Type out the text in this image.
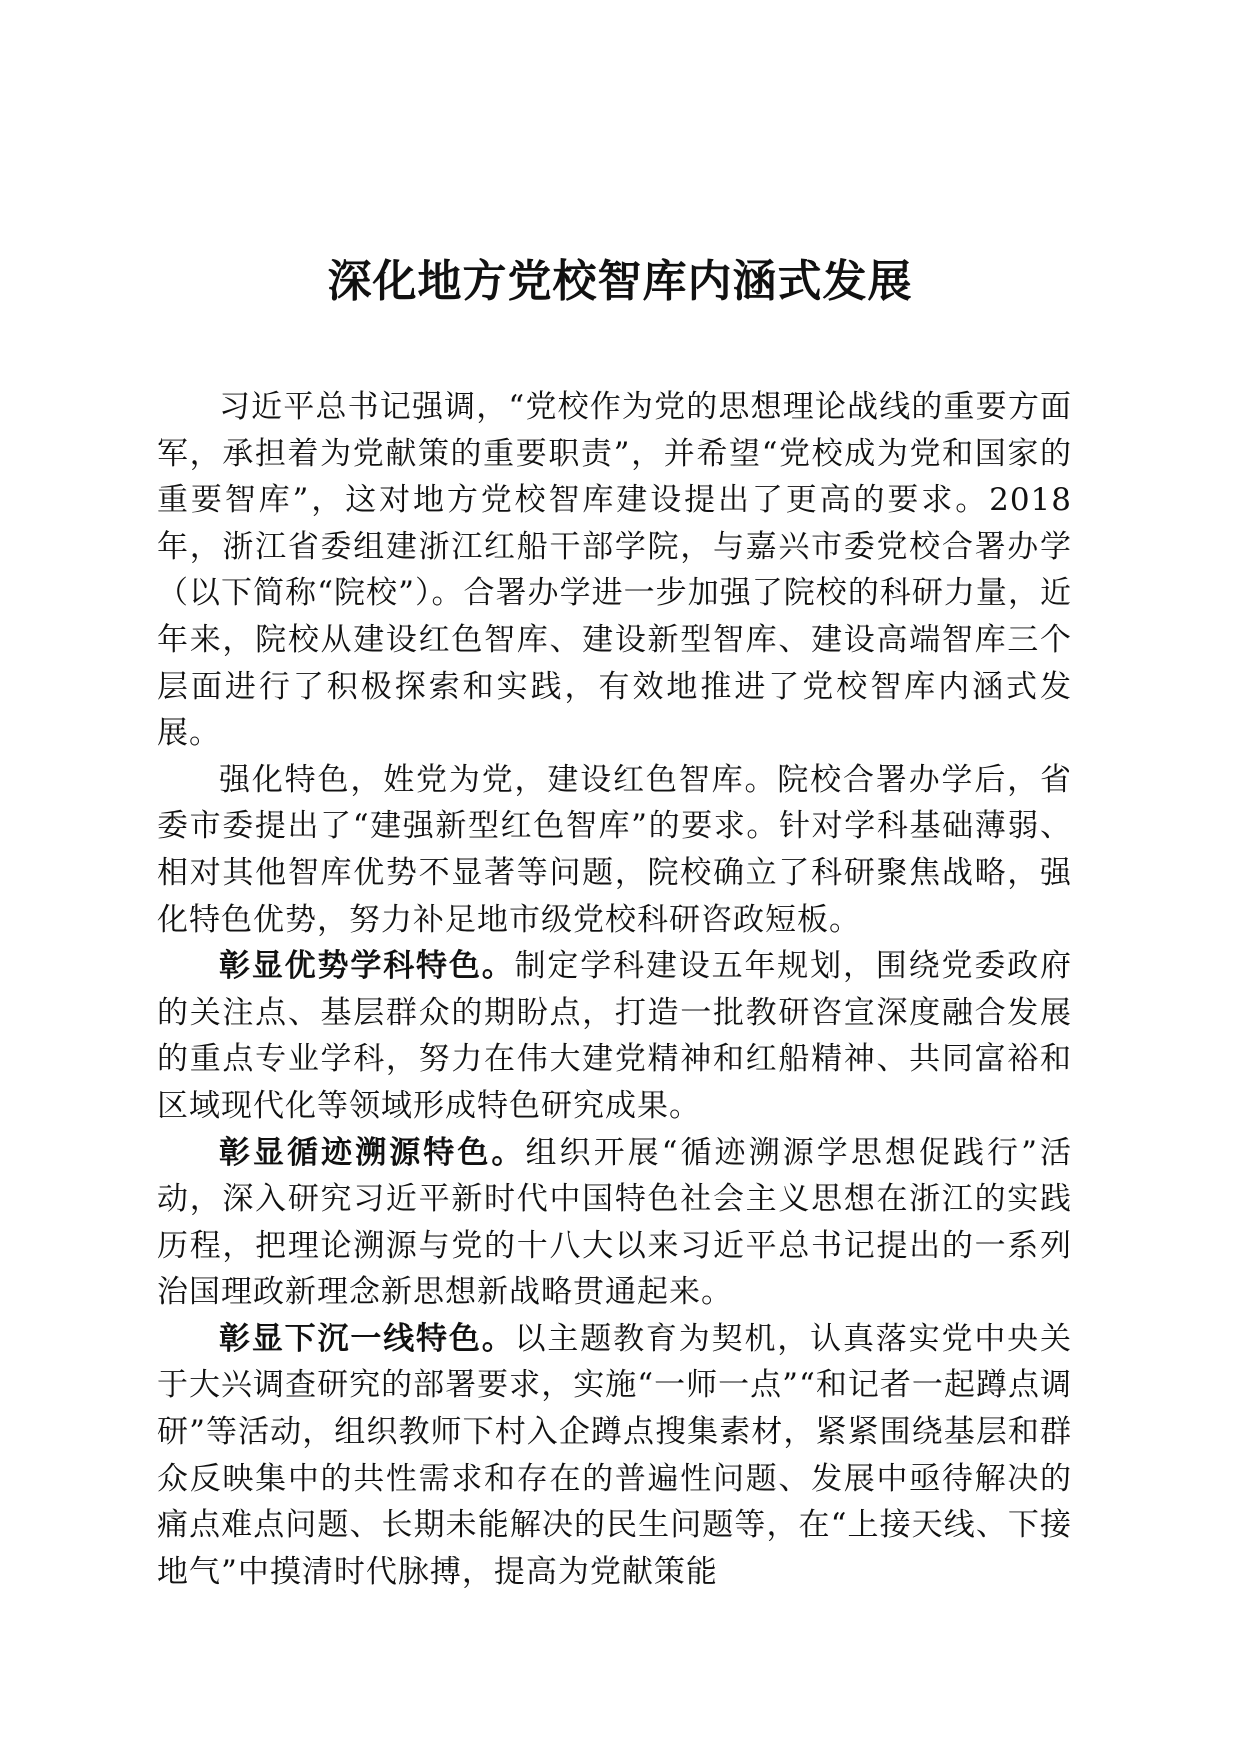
深化地方党校智库内涵式发展

习近平总书记强调，“党校作为党的思想理论战线的重要方面军，承担着为党献策的重要职责”，并希望“党校成为党和国家的重要智库”，这对地方党校智库建设提出了更高的要求。2018年，浙江省委组建浙江红船干部学院，与嘉兴市委党校合署办学（以下简称“院校”）。合署办学进一步加强了院校的科研力量，近年来，院校从建设红色智库、建设新型智库、建设高端智库三个层面进行了积极探索和实践，有效地推进了党校智库内涵式发展。

强化特色，姓党为党，建设红色智库。院校合署办学后，省委市委提出了“建强新型红色智库”的要求。针对学科基础薄弱、相对其他智库优势不显著等问题，院校确立了科研聚焦战略，强化特色优势，努力补足地市级党校科研咨政短板。

彰显优势学科特色。制定学科建设五年规划，围绕党委政府的关注点、基层群众的期盼点，打造一批教研咨宣深度融合发展的重点专业学科，努力在伟大建党精神和红船精神、共同富裕和区域现代化等领域形成特色研究成果。

彰显循迹溯源特色。组织开展“循迹溯源学思想促践行”活动，深入研究习近平新时代中国特色社会主义思想在浙江的实践历程，把理论溯源与党的十八大以来习近平总书记提出的一系列治国理政新理念新思想新战略贯通起来。

彰显下沉一线特色。以主题教育为契机，认真落实党中央关于大兴调查研究的部署要求，实施“一师一点”“和记者一起蹲点调研”等活动，组织教师下村入企蹲点搜集素材，紧紧围绕基层和群众反映集中的共性需求和存在的普遍性问题、发展中亟待解决的痛点难点问题、长期未能解决的民生问题等，在“上接天线、下接地气”中摸清时代脉搏，提高为党献策能
